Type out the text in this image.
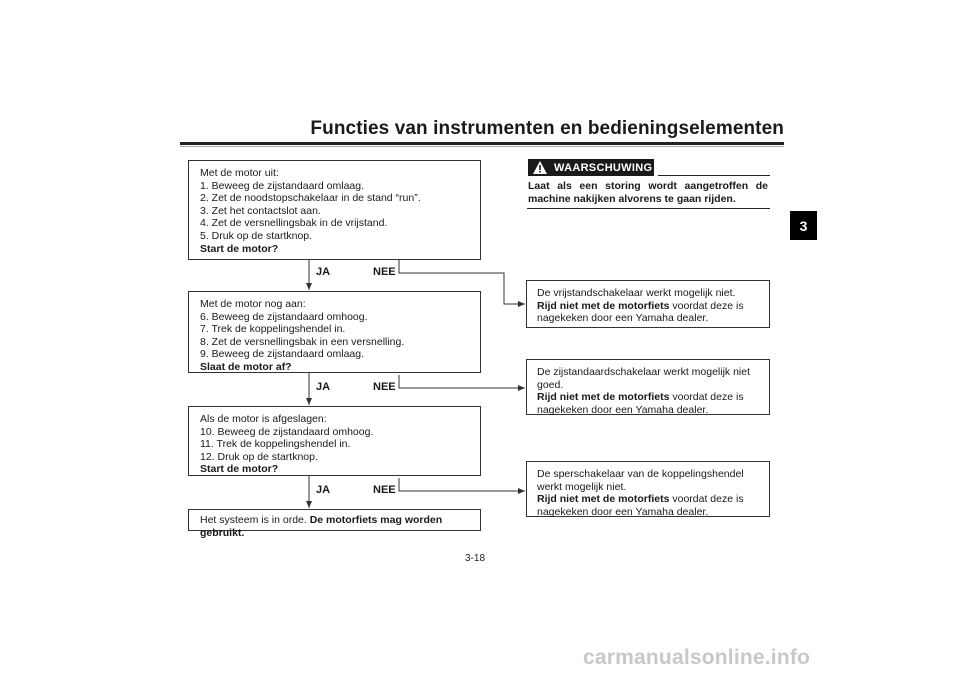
Functies van instrumenten en bedieningselementen
3
Met de motor uit:
1. Beweeg de zijstandaard omlaag.
2. Zet de noodstopschakelaar in de stand “run”.
3. Zet het contactslot aan.
4. Zet de versnellingsbak in de vrijstand.
5. Druk op de startknop.
Start de motor?
Met de motor nog aan:
6. Beweeg de zijstandaard omhoog.
7. Trek de koppelingshendel in.
8. Zet de versnellingsbak in een versnelling.
9. Beweeg de zijstandaard omlaag.
Slaat de motor af?
Als de motor is afgeslagen:
10. Beweeg de zijstandaard omhoog.
11. Trek de koppelingshendel in.
12. Druk op de startknop.
Start de motor?
Het systeem is in orde. De motorfiets mag worden gebruikt.
JA	NEE
JA	NEE
JA	NEE
De vrijstandschakelaar werkt mogelijk niet.
Rijd niet met de motorfiets voordat deze is
nagekeken door een Yamaha dealer.
De zijstandaardschakelaar werkt mogelijk niet
goed.
Rijd niet met de motorfiets voordat deze is
nagekeken door een Yamaha dealer.
De sperschakelaar van de koppelingshendel
werkt mogelijk niet.
Rijd niet met de motorfiets voordat deze is
nagekeken door een Yamaha dealer.
WAARSCHUWING
Laat als een storing wordt aangetroffen de machine nakijken alvorens te gaan rijden.
3-18
carmanualsonline.info
